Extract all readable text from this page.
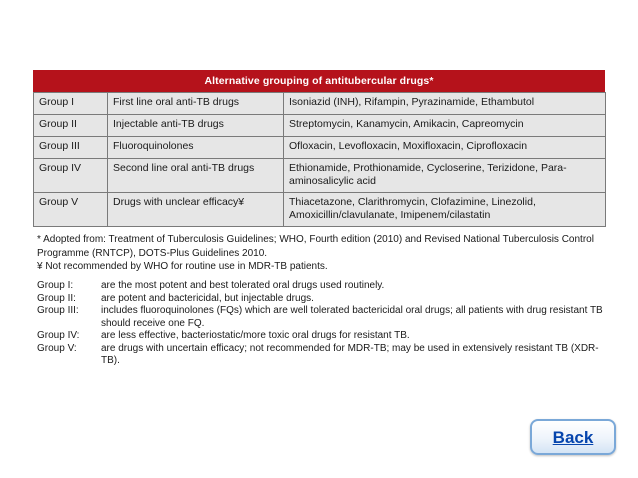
Alternative grouping of antitubercular drugs*
Group I	First line oral anti-TB drugs	Isoniazid (INH), Rifampin, Pyrazinamide, Ethambutol
Group II	Injectable anti-TB drugs	Streptomycin, Kanamycin, Amikacin, Capreomycin
Group III	Fluoroquinolones	Ofloxacin, Levofloxacin, Moxifloxacin, Ciprofloxacin
Group IV	Second line oral anti-TB drugs	Ethionamide, Prothionamide, Cycloserine, Terizidone, Para-aminosalicylic acid
Group V	Drugs with unclear efficacy¥	Thiacetazone, Clarithromycin, Clofazimine, Linezolid, Amoxicillin/clavulanate, Imipenem/cilastatin

* Adopted from: Treatment of Tuberculosis Guidelines; WHO, Fourth edition (2010) and Revised National Tuberculosis Control Programme (RNTCP), DOTS-Plus Guidelines 2010.

¥ Not recommended by WHO for routine use in MDR-TB patients.

Group I:	are the most potent and best tolerated oral drugs used routinely.
Group II:	are potent and bactericidal, but injectable drugs.
Group III:	includes fluoroquinolones (FQs) which are well tolerated bactericidal oral drugs; all patients with drug resistant TB should receive one FQ.
Group IV:	are less effective, bacteriostatic/more toxic oral drugs for resistant TB.
Group V:	are drugs with uncertain efficacy; not recommended for MDR-TB; may be used in extensively resistant TB (XDR-TB).
Back
